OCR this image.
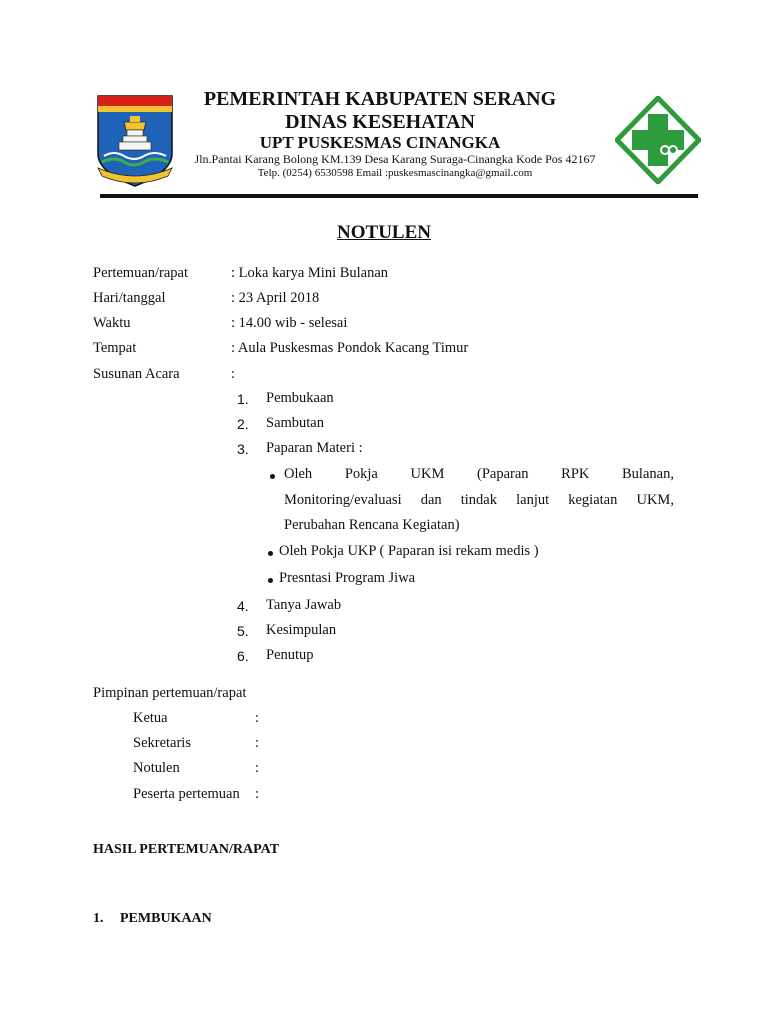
PEMERINTAH KABUPATEN SERANG
DINAS KESEHATAN
UPT PUSKESMAS CINANGKA
Jln.Pantai Karang Bolong KM.139 Desa Karang Suraga-Cinangka Kode Pos 42167
Telp. (0254) 6530598 Email :puskesmascinangka@gmail.com
NOTULEN
Pertemuan/rapat	: Loka karya Mini Bulanan
Hari/tanggal	: 23 April 2018
Waktu	: 14.00 wib - selesai
Tempat	: Aula Puskesmas Pondok Kacang Timur
Susunan Acara	:
1. Pembukaan
2. Sambutan
3. Paparan Materi :
Oleh Pokja UKM (Paparan RPK Bulanan,
Monitoring/evaluasi dan tindak lanjut kegiatan UKM,
Perubahan Rencana Kegiatan)
Oleh Pokja UKP ( Paparan isi rekam medis )
Presntasi Program Jiwa
4. Tanya Jawab
5. Kesimpulan
6. Penutup
Pimpinan pertemuan/rapat
Ketua	:
Sekretaris	:
Notulen	:
Peserta pertemuan :
HASIL PERTEMUAN/RAPAT
1. PEMBUKAAN
